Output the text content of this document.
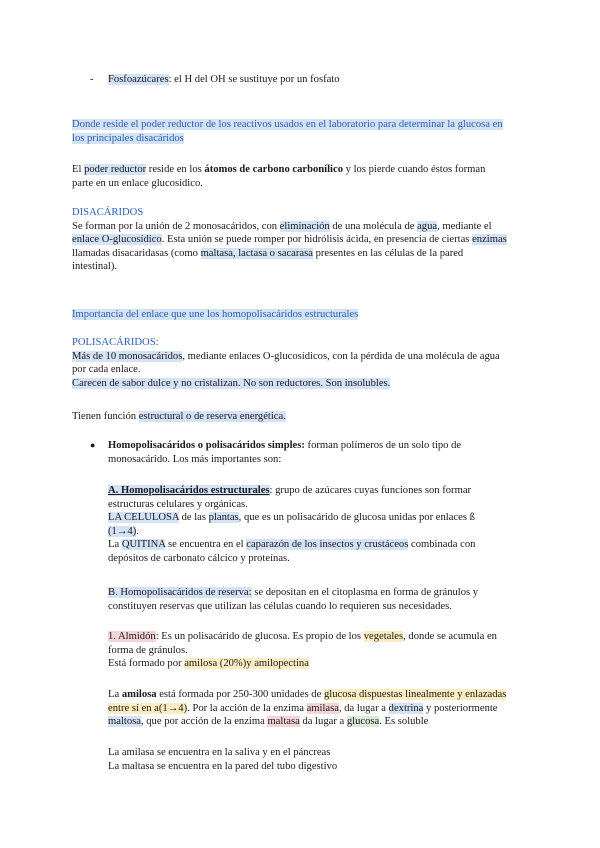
- Fosfoazúcares: el H del OH se sustituye por un fosfato

Donde reside el poder reductor de los reactivos usados en el laboratorio para determinar la glucosa en

los principales disacáridos

El poder reductor reside en los átomos de carbono carbonílico y los pierde cuando éstos forman

parte en un enlace glucosídico.

DISACÁRIDOS

Se forman por la unión de 2 monosacáridos, con eliminación de una molécula de agua, mediante el

enlace O-glucosídico. Esta unión se puede romper por hidrólisis ácida, en presencia de ciertas enzimas

llamadas disacaridasas (como maltasa, lactasa o sacarasa presentes en las células de la pared

intestinal).

Importancia del enlace que une los homopolisacáridos estructurales

POLISACÁRIDOS:

Más de 10 monosacáridos, mediante enlaces O-glucosídicos, con la pérdida de una molécula de agua

por cada enlace.

Carecen de sabor dulce y no cristalizan. No son reductores. Son insolubles.

Tienen función estructural o de reserva energética.

● Homopolisacáridos o polisacáridos simples: forman polímeros de un solo tipo de

monosacárido. Los más importantes son:

A. Homopolisacáridos estructurales: grupo de azúcares cuyas funciones son formar

estructuras celulares y orgánicas.

LA CELULOSA de las plantas, que es un polisacárido de glucosa unidas por enlaces ß

(1→4).

La QUITINA se encuentra en el caparazón de los insectos y crustáceos combinada con

depósitos de carbonato cálcico y proteínas.

B. Homopolisacáridos de reserva: se depositan en el citoplasma en forma de gránulos y

constituyen reservas que utilizan las células cuando lo requieren sus necesidades.

1. Almidón: Es un polisacárido de glucosa. Es propio de los vegetales, donde se acumula en

forma de gránulos.

Está formado por amilosa (20%)y amilopectina

La amilosa está formada por 250-300 unidades de glucosa dispuestas linealmente y enlazadas

entre sí en a(1→4). Por la acción de la enzima amilasa, da lugar a dextrina y posteriormente

maltosa, que por acción de la enzima maltasa da lugar a glucosa. Es soluble

La amilasa se encuentra en la saliva y en el páncreas

La maltasa se encuentra en la pared del tubo digestivo
